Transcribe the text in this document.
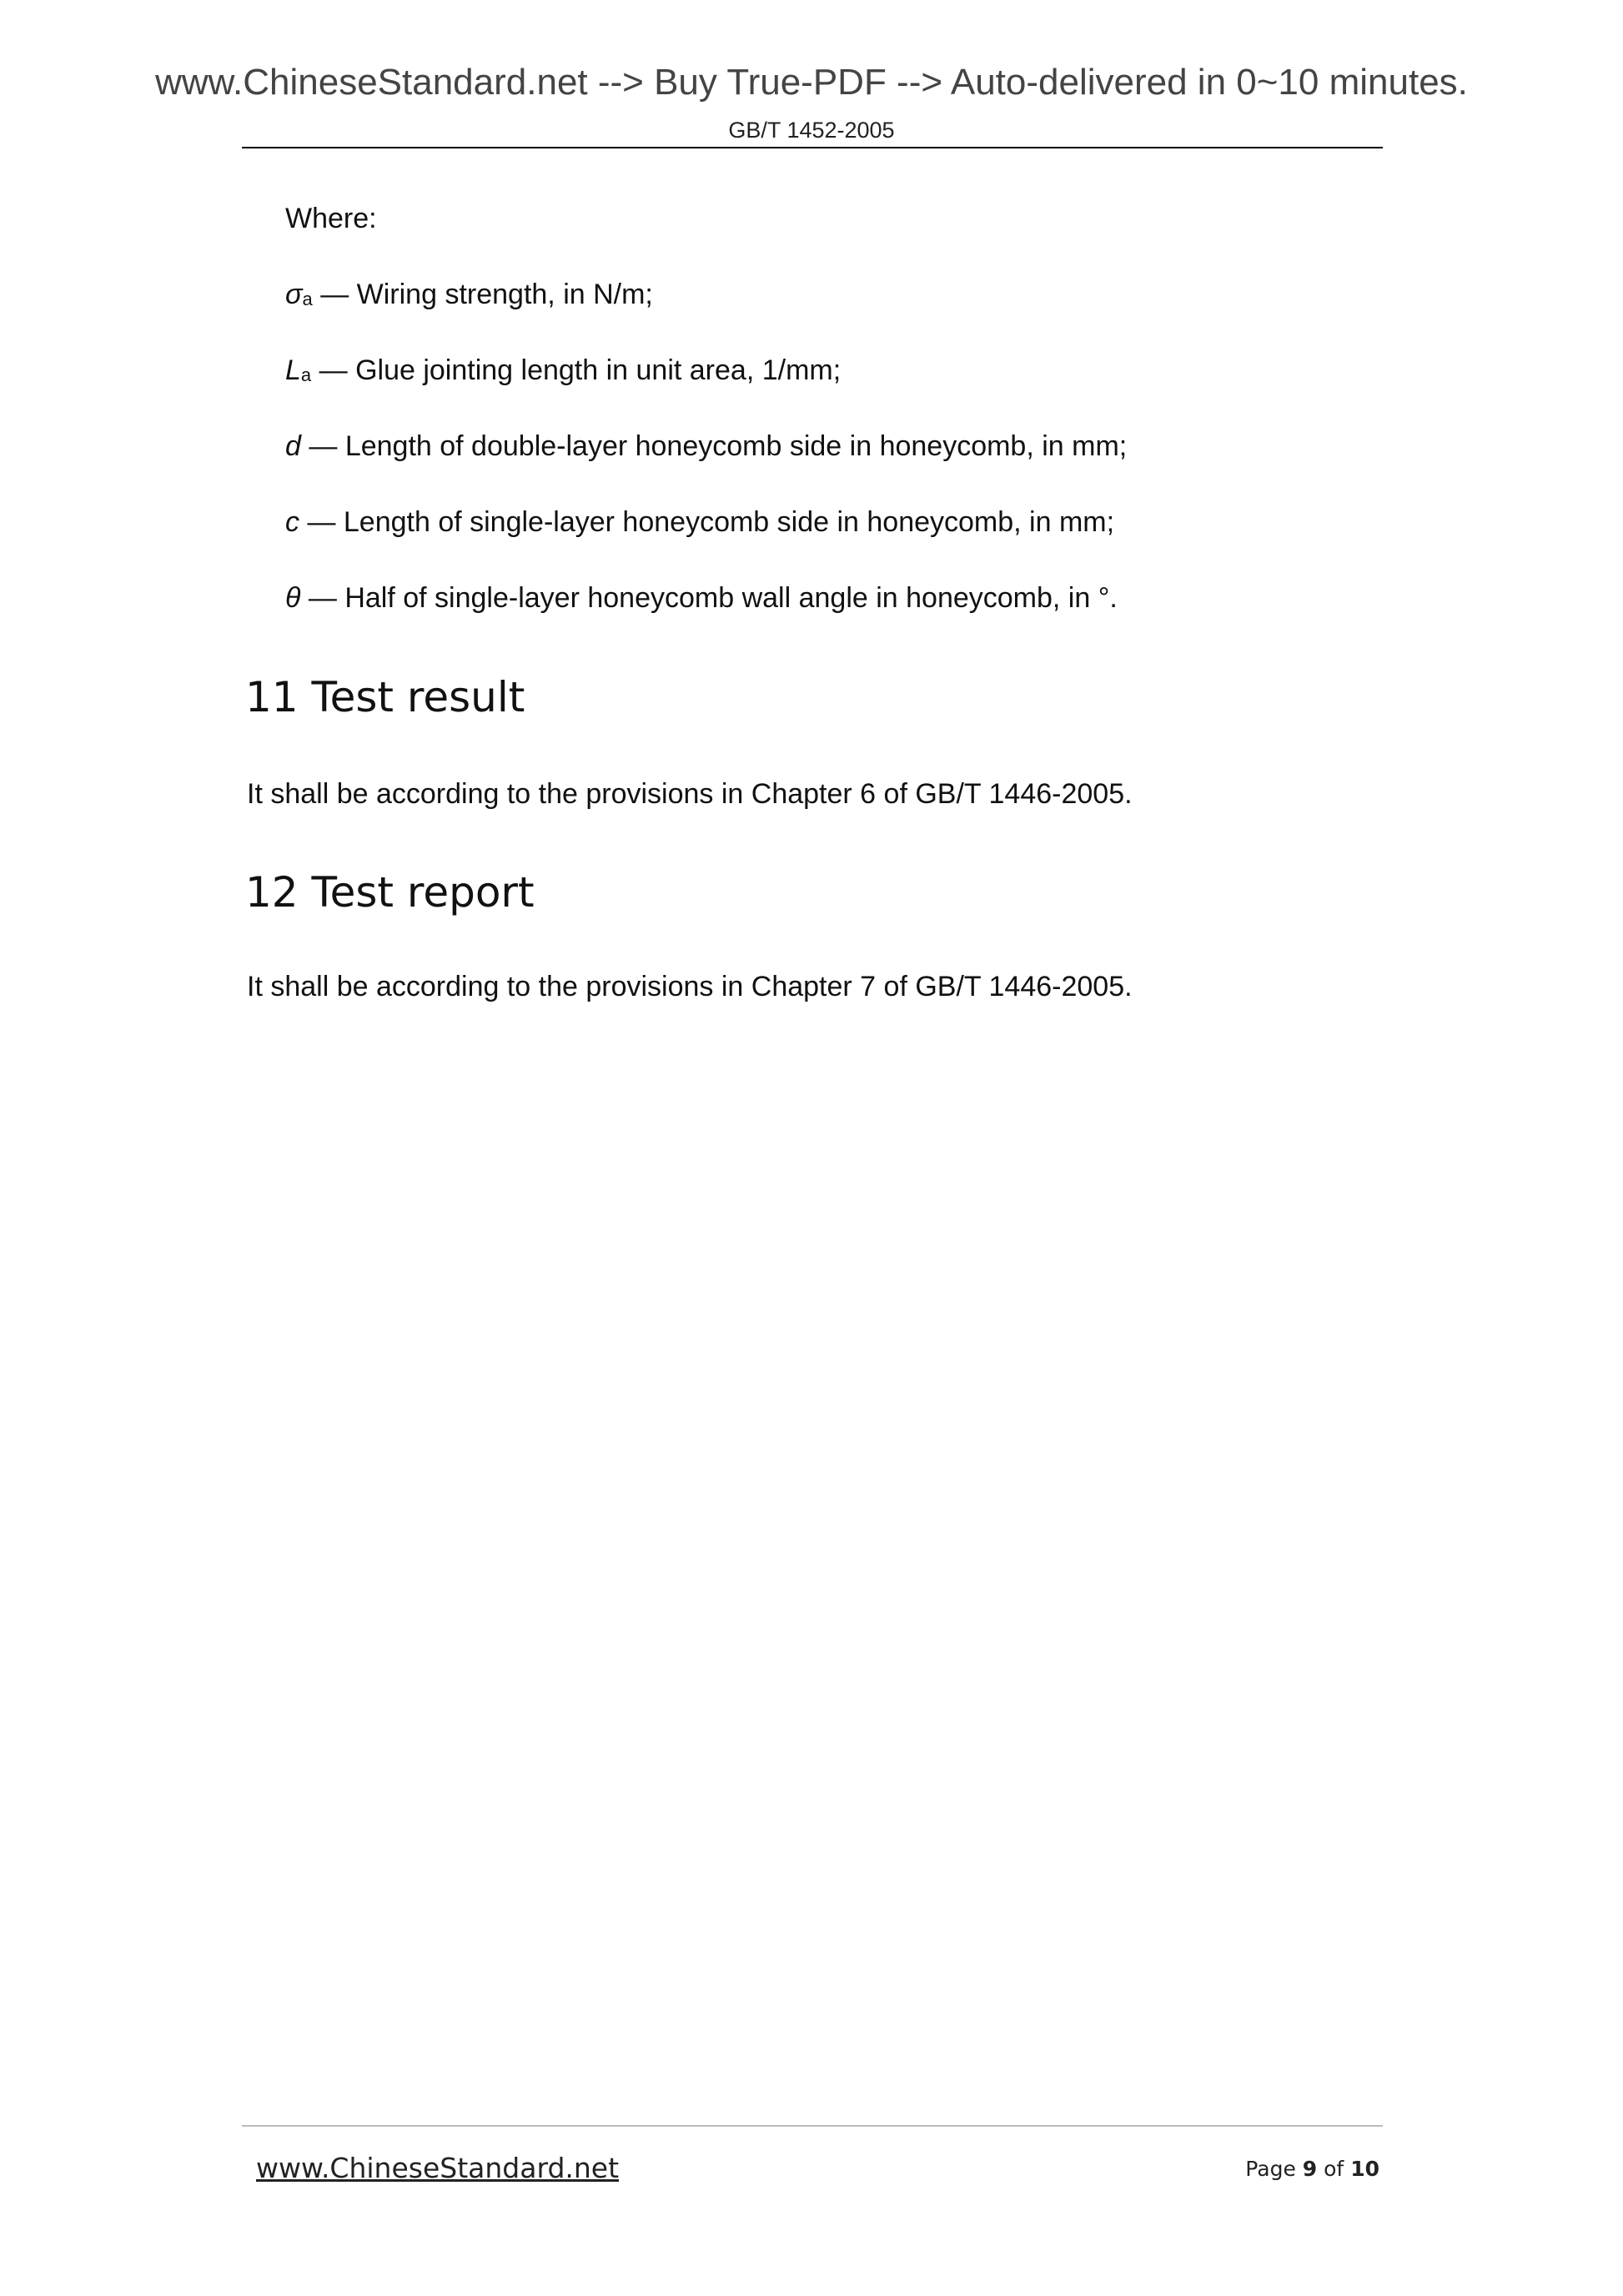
www.ChineseStandard.net --> Buy True-PDF --> Auto-delivered in 0~10 minutes.
GB/T 1452-2005
Where:
σa — Wiring strength, in N/m;
La — Glue jointing length in unit area, 1/mm;
d — Length of double-layer honeycomb side in honeycomb, in mm;
c — Length of single-layer honeycomb side in honeycomb, in mm;
θ — Half of single-layer honeycomb wall angle in honeycomb, in °.
11 Test result
It shall be according to the provisions in Chapter 6 of GB/T 1446-2005.
12 Test report
It shall be according to the provisions in Chapter 7 of GB/T 1446-2005.
www.ChineseStandard.net	Page 9 of 10
